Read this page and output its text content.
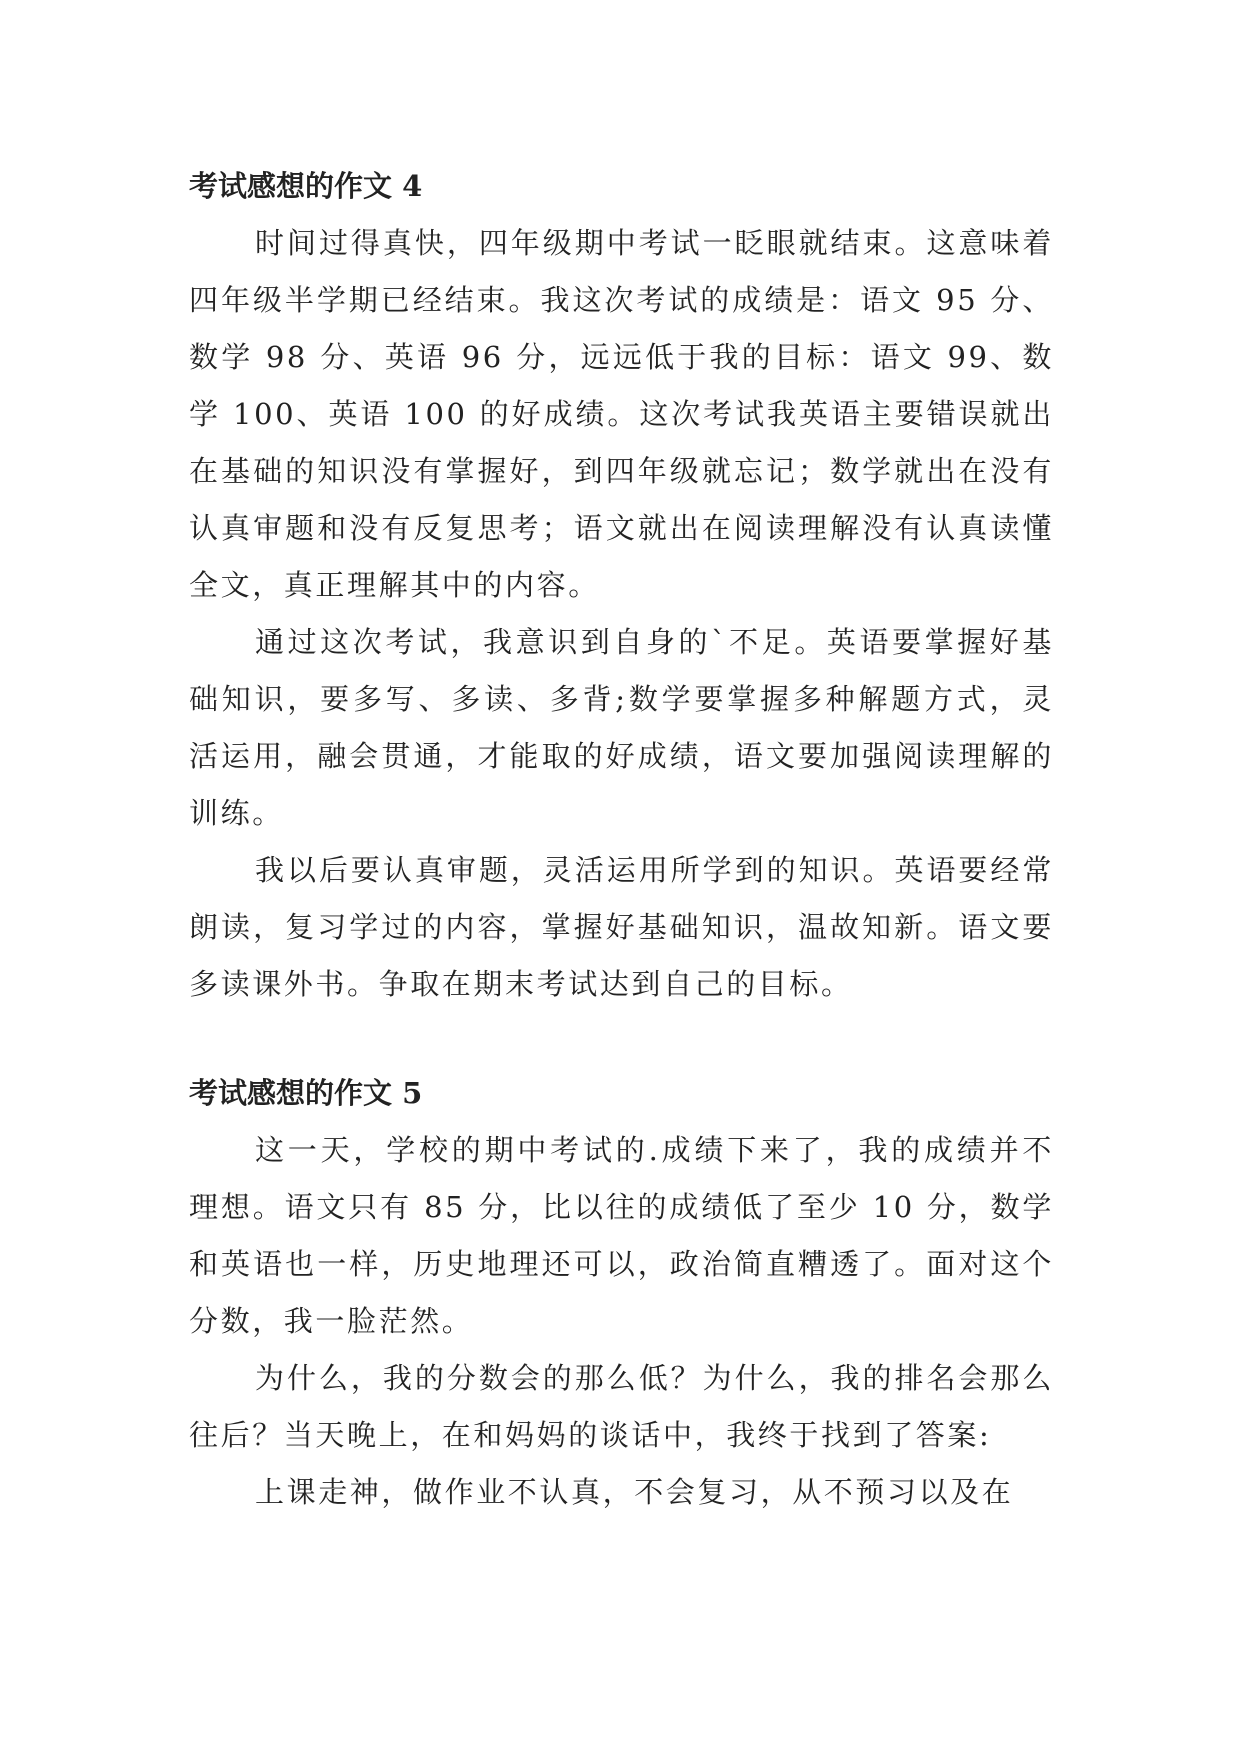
考试感想的作文 4

时间过得真快，四年级期中考试一眨眼就结束。这意味着四年级半学期已经结束。我这次考试的成绩是：语文 95 分、数学 98 分、英语 96 分，远远低于我的目标：语文 99、数学 100、英语 100 的好成绩。这次考试我英语主要错误就出在基础的知识没有掌握好，到四年级就忘记；数学就出在没有认真审题和没有反复思考；语文就出在阅读理解没有认真读懂全文，真正理解其中的内容。

通过这次考试，我意识到自身的`不足。英语要掌握好基础知识，要多写、多读、多背;数学要掌握多种解题方式，灵活运用，融会贯通，才能取的好成绩，语文要加强阅读理解的训练。

我以后要认真审题，灵活运用所学到的知识。英语要经常朗读，复习学过的内容，掌握好基础知识，温故知新。语文要多读课外书。争取在期末考试达到自己的目标。

考试感想的作文 5

这一天，学校的期中考试的.成绩下来了，我的成绩并不理想。语文只有 85 分，比以往的成绩低了至少 10 分，数学和英语也一样，历史地理还可以，政治简直糟透了。面对这个分数，我一脸茫然。

为什么，我的分数会的那么低？为什么，我的排名会那么往后？当天晚上，在和妈妈的谈话中，我终于找到了答案:

上课走神，做作业不认真，不会复习，从不预习以及在
